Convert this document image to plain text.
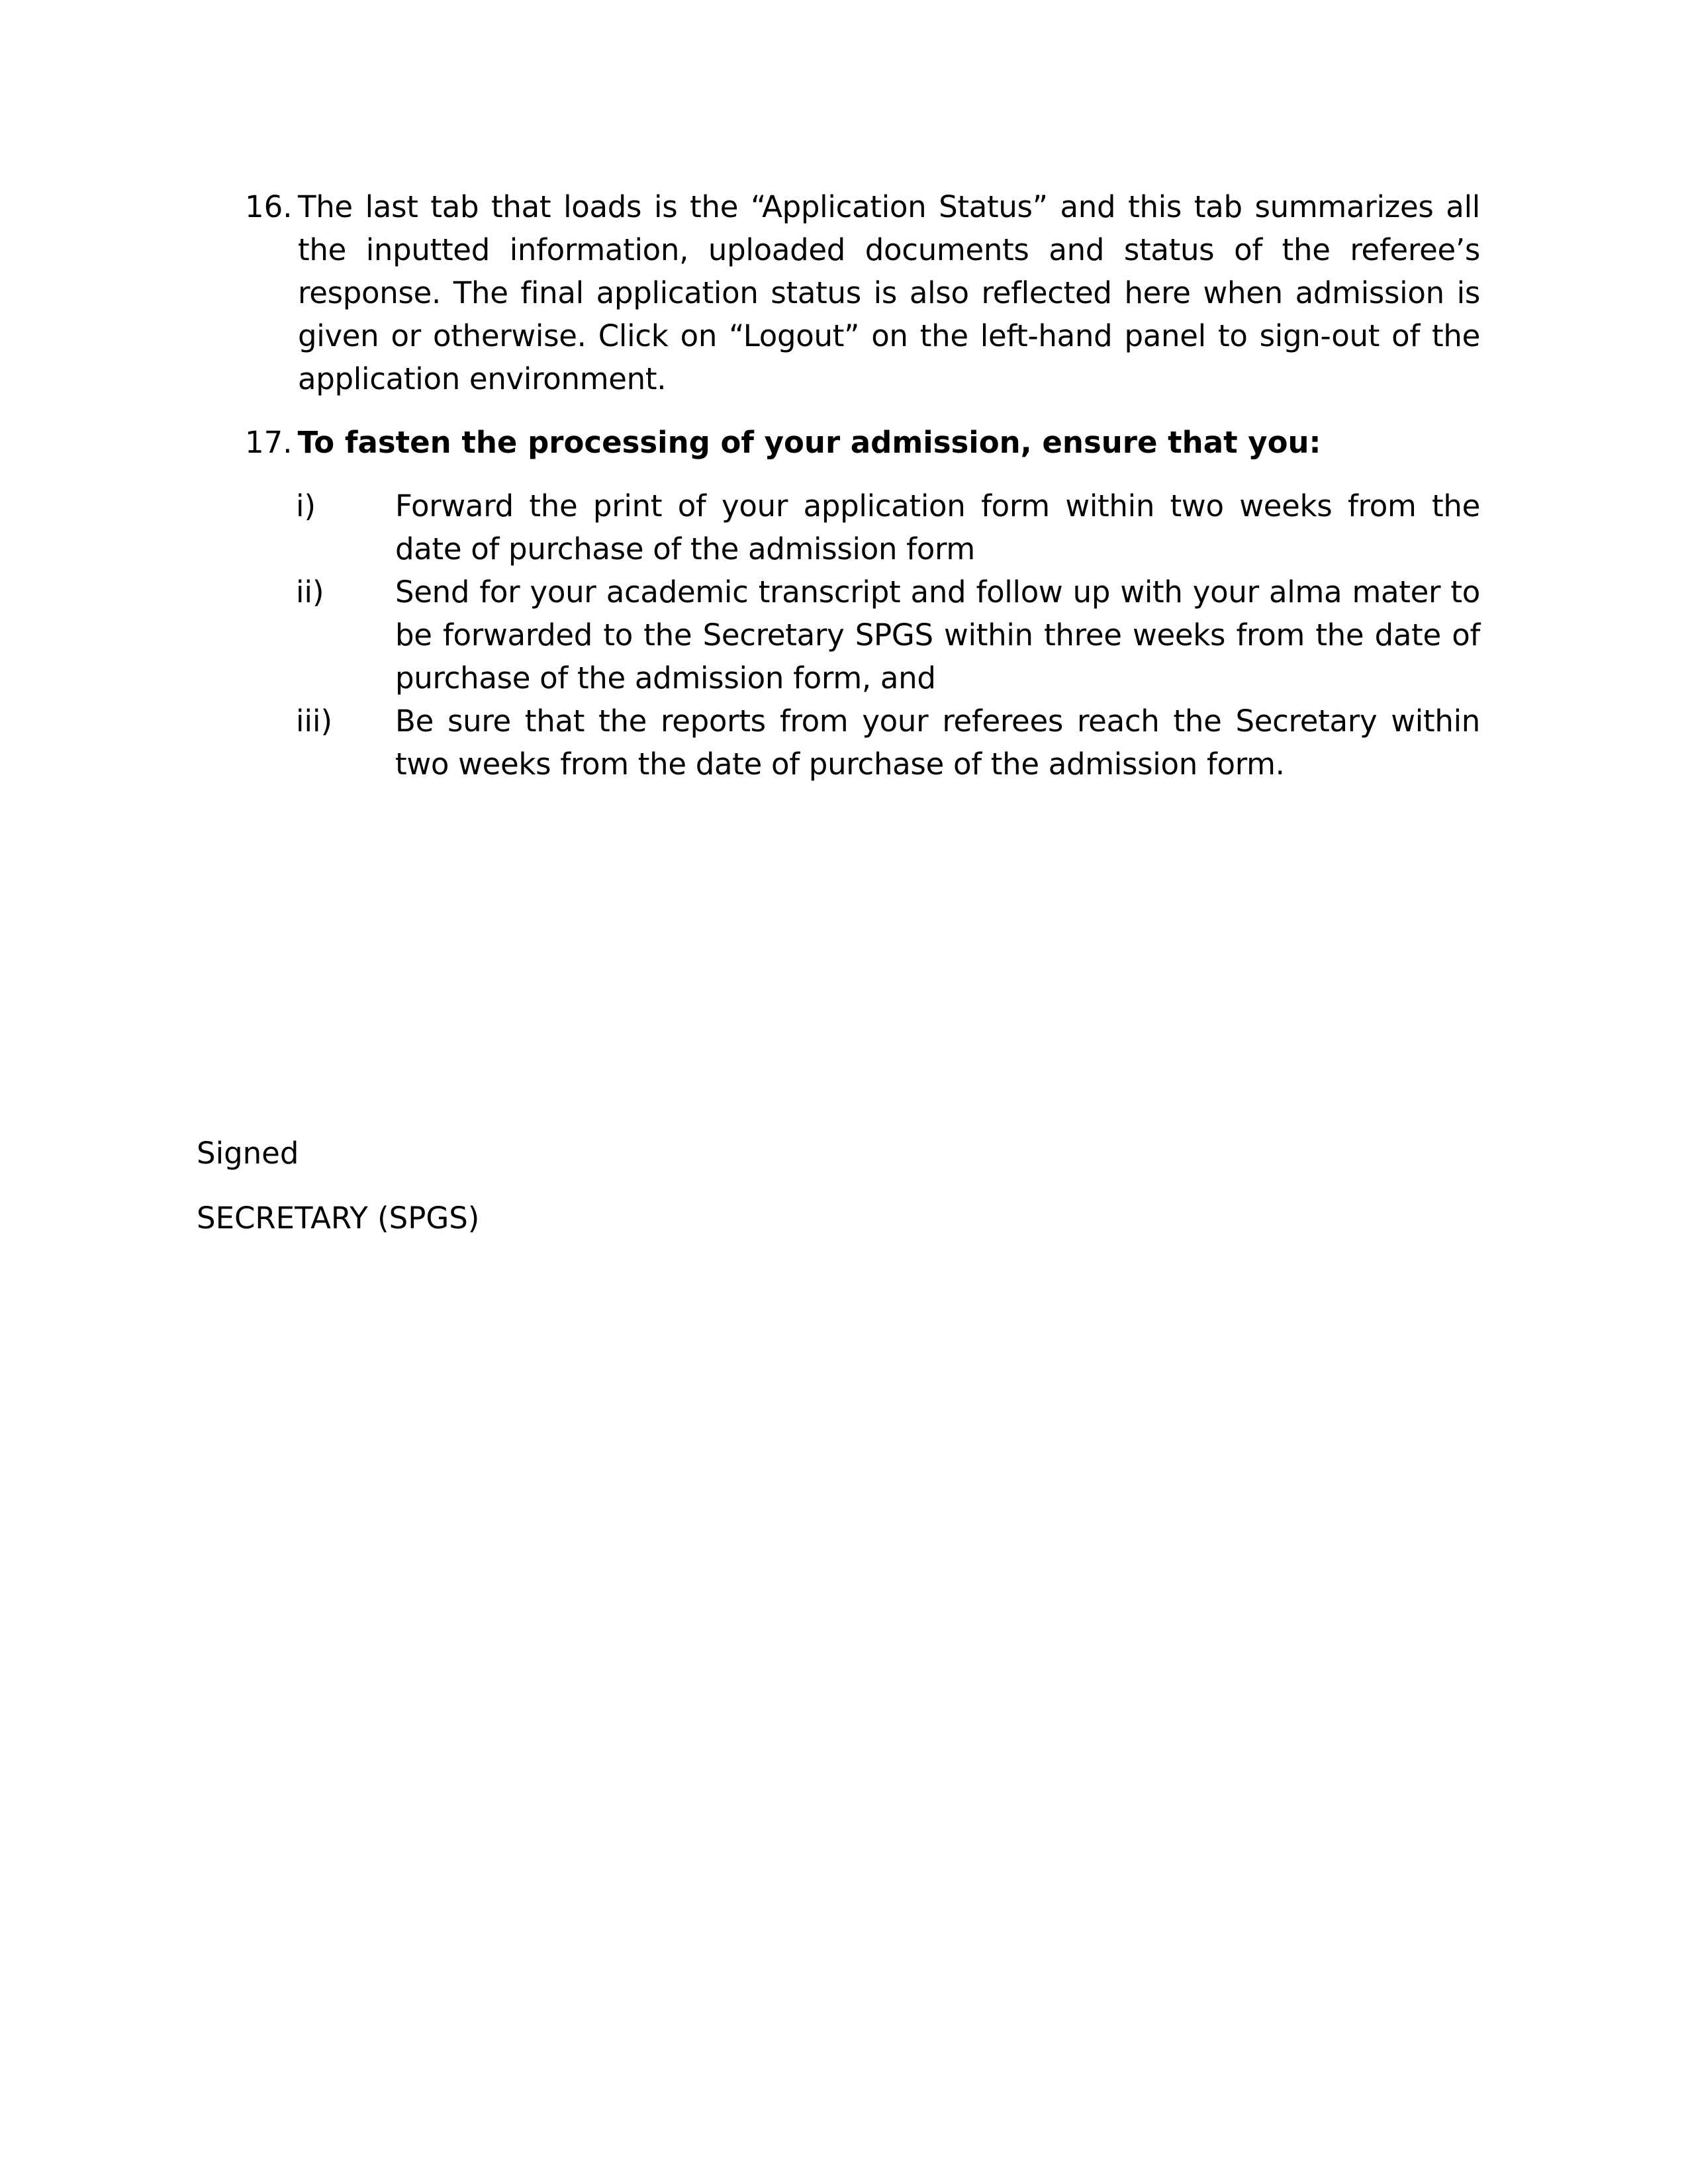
16. The last tab that loads is the “Application Status” and this tab summarizes all the inputted information, uploaded documents and status of the referee’s response. The final application status is also reflected here when admission is given or otherwise. Click on “Logout” on the left-hand panel to sign-out of the application environment.
17. To fasten the processing of your admission, ensure that you:
i)	Forward the print of your application form within two weeks from the date of purchase of the admission form
ii) Send for your academic transcript and follow up with your alma mater to be forwarded to the Secretary SPGS within three weeks from the date of purchase of the admission form, and
iii) Be sure that the reports from your referees reach the Secretary within two weeks from the date of purchase of the admission form.
Signed
SECRETARY (SPGS)
